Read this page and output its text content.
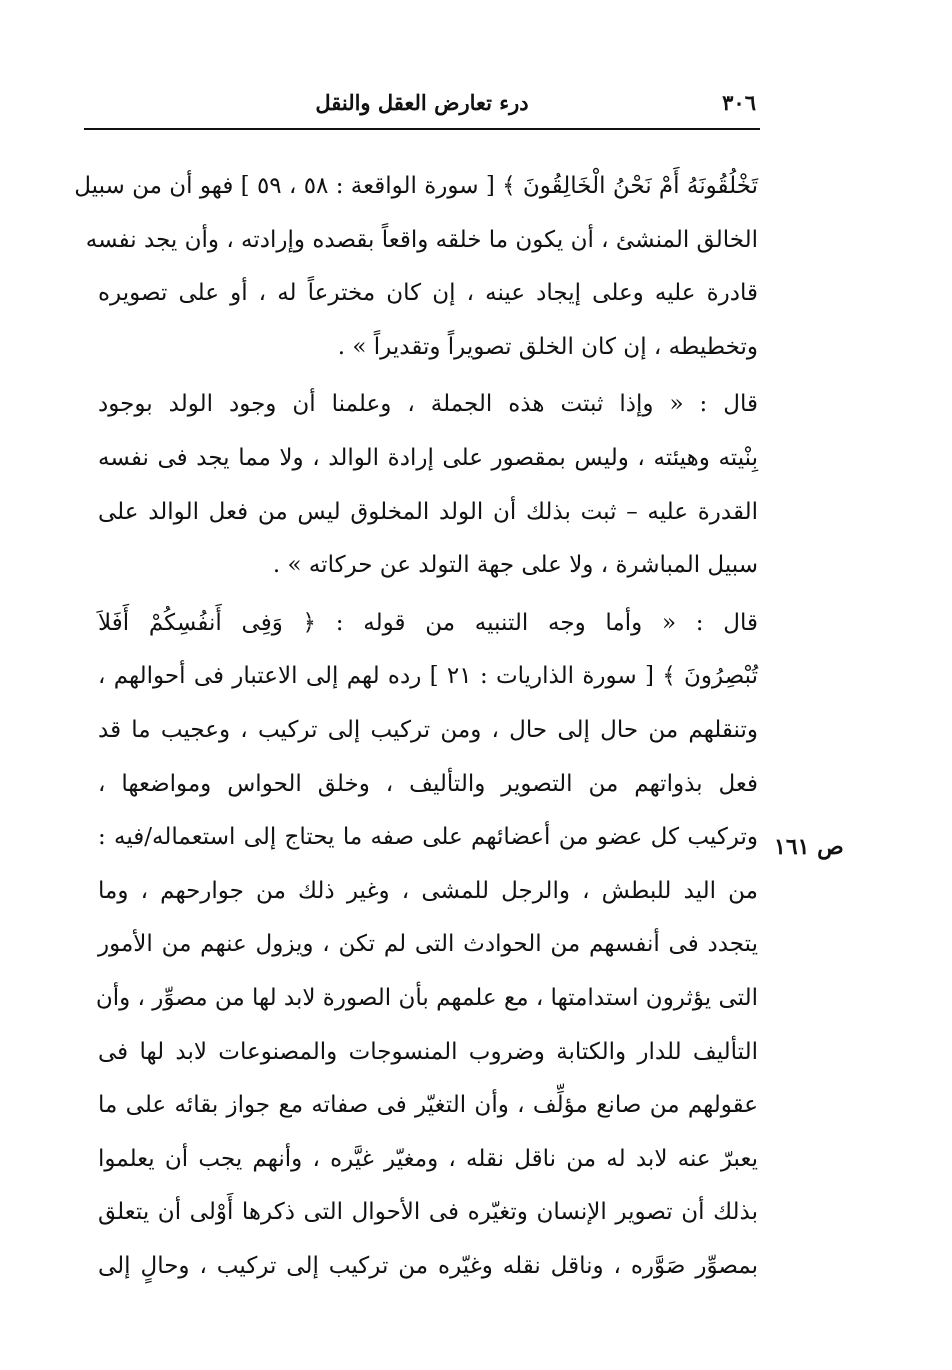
٣٠٦
درء تعارض العقل والنقل
ص ١٦١
تَخْلُقُونَهُ أَمْ نَحْنُ الْخَالِقُونَ ﴾ [ سورة الواقعة : ٥٨ ، ٥٩ ] فهو أن من سبيل
الخالق المنشئ ، أن يكون ما خلقه واقعاً بقصده وإرادته ، وأن يجد نفسه
قادرة عليه وعلى إيجاد عينه ، إن كان مخترعاً له ، أو على تصويره
وتخطيطه ، إن كان الخلق تصويراً وتقديراً » .
قال : « وإذا ثبتت هذه الجملة ، وعلمنا أن وجود الولد بوجود
بِنْيته وهيئته ، وليس بمقصور على إرادة الوالد ، ولا مما يجد فى نفسه
القدرة عليه – ثبت بذلك أن الولد المخلوق ليس من فعل الوالد على
سبيل المباشرة ، ولا على جهة التولد عن حركاته » .
قال : « وأما وجه التنبيه من قوله : ﴿ وَفِى أَنفُسِكُمْ أَفَلاَ
تُبْصِرُونَ ﴾ [ سورة الذاريات : ٢١ ] رده لهم إلى الاعتبار فى أحوالهم ،
وتنقلهم من حال إلى حال ، ومن تركيب إلى تركيب ، وعجيب ما قد
فعل بذواتهم من التصوير والتأليف ، وخلق الحواس ومواضعها ،
وتركيب كل عضو من أعضائهم على صفه ما يحتاج إلى استعماله/فيه :
من اليد للبطش ، والرجل للمشى ، وغير ذلك من جوارحهم ، وما
يتجدد فى أنفسهم من الحوادث التى لم تكن ، ويزول عنهم من الأمور
التى يؤثرون استدامتها ، مع علمهم بأن الصورة لابد لها من مصوِّر ، وأن
التأليف للدار والكتابة وضروب المنسوجات والمصنوعات لابد لها فى
عقولهم من صانع مؤلِّف ، وأن التغيّر فى صفاته مع جواز بقائه على ما
يعبرّ عنه لابد له من ناقل نقله ، ومغيّر غيَّره ، وأنهم يجب أن يعلموا
بذلك أن تصوير الإنسان وتغيّره فى الأحوال التى ذكرها أَوْلى أن يتعلق
بمصوِّر صَوَّره ، وناقل نقله وغيّره من تركيب إلى تركيب ، وحالٍ إلى
